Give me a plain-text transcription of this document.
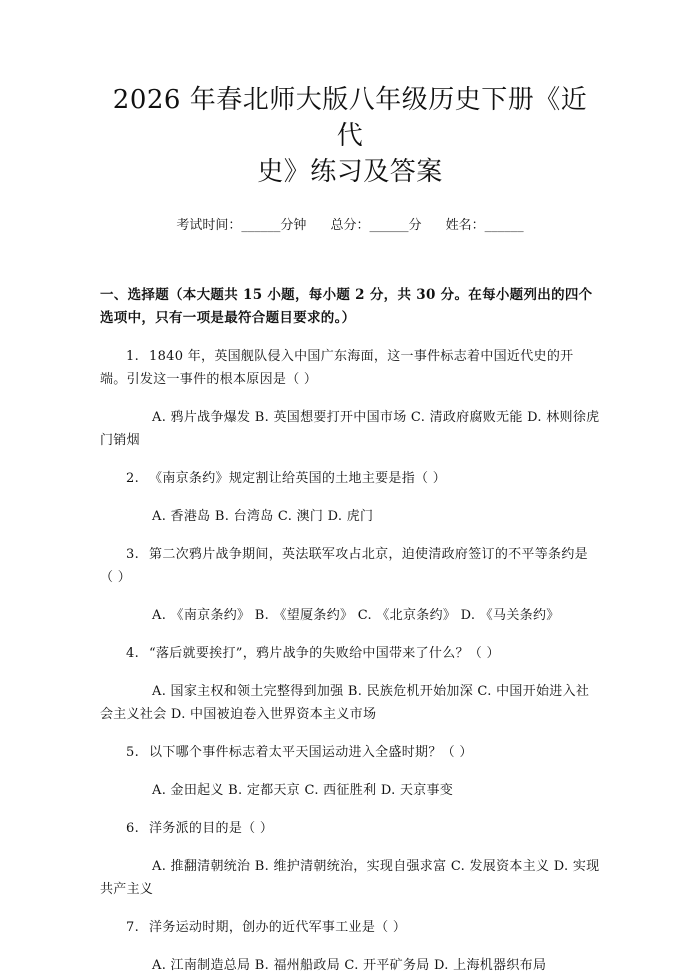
2026 年春北师大版八年级历史下册《近代
史》练习及答案
考试时间：______分钟 总分：______分 姓名：______
一、选择题（本大题共 15 小题，每小题 2 分，共 30 分。在每小题列出的四个选项中，只有一项是最符合题目要求的。）
1. 1840 年，英国舰队侵入中国广东海面，这一事件标志着中国近代史的开端。引发这一事件的根本原因是（ ）
A. 鸦片战争爆发 B. 英国想要打开中国市场 C. 清政府腐败无能 D. 林则徐虎门销烟
2. 《南京条约》规定割让给英国的土地主要是指（ ）
A. 香港岛 B. 台湾岛 C. 澳门 D. 虎门
3. 第二次鸦片战争期间，英法联军攻占北京，迫使清政府签订的不平等条约是（ ）
A. 《南京条约》 B. 《望厦条约》 C. 《北京条约》 D. 《马关条约》
4. “落后就要挨打”，鸦片战争的失败给中国带来了什么？（ ）
A. 国家主权和领土完整得到加强 B. 民族危机开始加深 C. 中国开始进入社会主义社会 D. 中国被迫卷入世界资本主义市场
5. 以下哪个事件标志着太平天国运动进入全盛时期？（ ）
A. 金田起义 B. 定都天京 C. 西征胜利 D. 天京事变
6. 洋务派的目的是（ ）
A. 推翻清朝统治 B. 维护清朝统治，实现自强求富 C. 发展资本主义 D. 实现共产主义
7. 洋务运动时期，创办的近代军事工业是（ ）
A. 江南制造总局 B. 福州船政局 C. 开平矿务局 D. 上海机器织布局
